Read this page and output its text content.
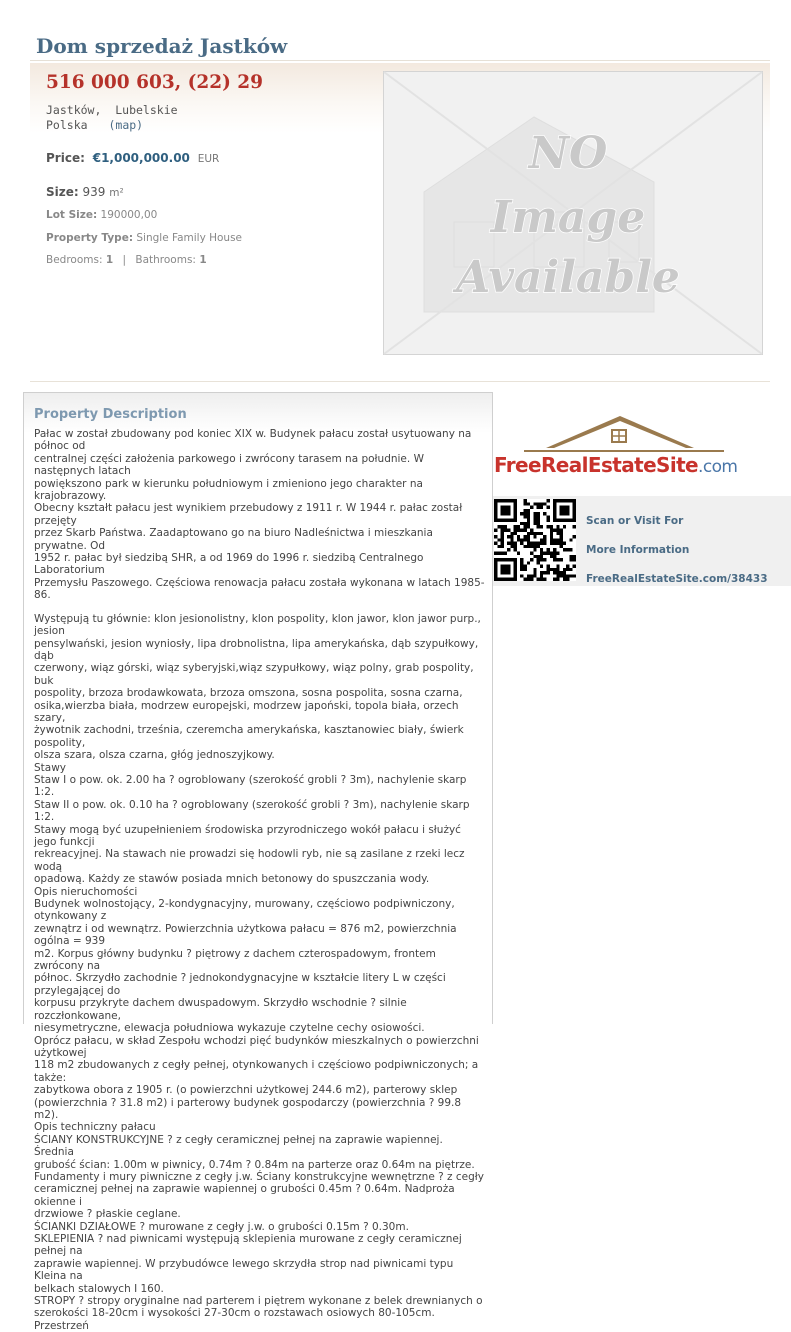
Dom sprzedaż Jastków
516 000 603, (22) 29
Jastków,  Lubelskie
Polska (map)
Price: €1,000,000.00 EUR
Size: 939 m²
Lot Size: 190000,00
Property Type: Single Family House
Bedrooms: 1 | Bathrooms: 1
NO
Image
Available
Property Description

Pałac w został zbudowany pod koniec XIX w. Budynek pałacu został usytuowany na północ od
centralnej części założenia parkowego i zwrócony tarasem na południe. W następnych latach
powiększono park w kierunku południowym i zmieniono jego charakter na krajobrazowy.
Obecny kształt pałacu jest wynikiem przebudowy z 1911 r. W 1944 r. pałac został przejęty
przez Skarb Państwa. Zaadaptowano go na biuro Nadleśnictwa i mieszkania prywatne. Od
1952 r. pałac był siedzibą SHR, a od 1969 do 1996 r. siedzibą Centralnego Laboratorium
Przemysłu Paszowego. Częściowa renowacja pałacu została wykonana w latach 1985-86.

Występują tu głównie: klon jesionolistny, klon pospolity, klon jawor, klon jawor purp., jesion
pensylwański, jesion wyniosły, lipa drobnolistna, lipa amerykańska, dąb szypułkowy, dąb
czerwony, wiąz górski, wiąz syberyjski,wiąz szypułkowy, wiąz polny, grab pospolity, buk
pospolity, brzoza brodawkowata, brzoza omszona, sosna pospolita, sosna czarna,
osika,wierzba biała, modrzew europejski, modrzew japoński, topola biała, orzech szary,
żywotnik zachodni, trześnia, czeremcha amerykańska, kasztanowiec biały, świerk pospolity,
olsza szara, olsza czarna, głóg jednoszyjkowy.
Stawy
Staw I o pow. ok. 2.00 ha ? ogroblowany (szerokość grobli ? 3m), nachylenie skarp 1:2.
Staw II o pow. ok. 0.10 ha ? ogroblowany (szerokość grobli ? 3m), nachylenie skarp 1:2.
Stawy mogą być uzupełnieniem środowiska przyrodniczego wokół pałacu i służyć jego funkcji
rekreacyjnej. Na stawach nie prowadzi się hodowli ryb, nie są zasilane z rzeki lecz wodą
opadową. Każdy ze stawów posiada mnich betonowy do spuszczania wody.
Opis nieruchomości
Budynek wolnostojący, 2-kondygnacyjny, murowany, częściowo podpiwniczony, otynkowany z
zewnątrz i od wewnątrz. Powierzchnia użytkowa pałacu = 876 m2, powierzchnia ogólna = 939
m2. Korpus główny budynku ? piętrowy z dachem czterospadowym, frontem zwrócony na
północ. Skrzydło zachodnie ? jednokondygnacyjne w kształcie litery L w części przylegającej do
korpusu przykryte dachem dwuspadowym. Skrzydło wschodnie ? silnie rozczłonkowane,
niesymetryczne, elewacja południowa wykazuje czytelne cechy osiowości.
Oprócz pałacu, w skład Zespołu wchodzi pięć budynków mieszkalnych o powierzchni użytkowej
118 m2 zbudowanych z cegły pełnej, otynkowanych i częściowo podpiwniczonych; a także:
zabytkowa obora z 1905 r. (o powierzchni użytkowej 244.6 m2), parterowy sklep
(powierzchnia ? 31.8 m2) i parterowy budynek gospodarczy (powierzchnia ? 99.8 m2).
Opis techniczny pałacu
ŚCIANY KONSTRUKCYJNE ? z cegły ceramicznej pełnej na zaprawie wapiennej. Średnia
grubość ścian: 1.00m w piwnicy, 0.74m ? 0.84m na parterze oraz 0.64m na piętrze.
Fundamenty i mury piwniczne z cegły j.w. Ściany konstrukcyjne wewnętrzne ? z cegły
ceramicznej pełnej na zaprawie wapiennej o grubości 0.45m ? 0.64m. Nadproża okienne i
drzwiowe ? płaskie ceglane.
ŚCIANKI DZIAŁOWE ? murowane z cegły j.w. o grubości 0.15m ? 0.30m.
SKLEPIENIA ? nad piwnicami występują sklepienia murowane z cegły ceramicznej pełnej na
zaprawie wapiennej. W przybudówce lewego skrzydła strop nad piwnicami typu Kleina na
belkach stalowych I 160.
STROPY ? stropy oryginalne nad parterem i piętrem wykonane z belek drewnianych o
szerokości 18-20cm i wysokości 27-30cm o rozstawach osiowych 80-105cm. Przestrzeń

FreeRealEstateSite.com
Scan or Visit For
More Information
FreeRealEstateSite.com/38433
